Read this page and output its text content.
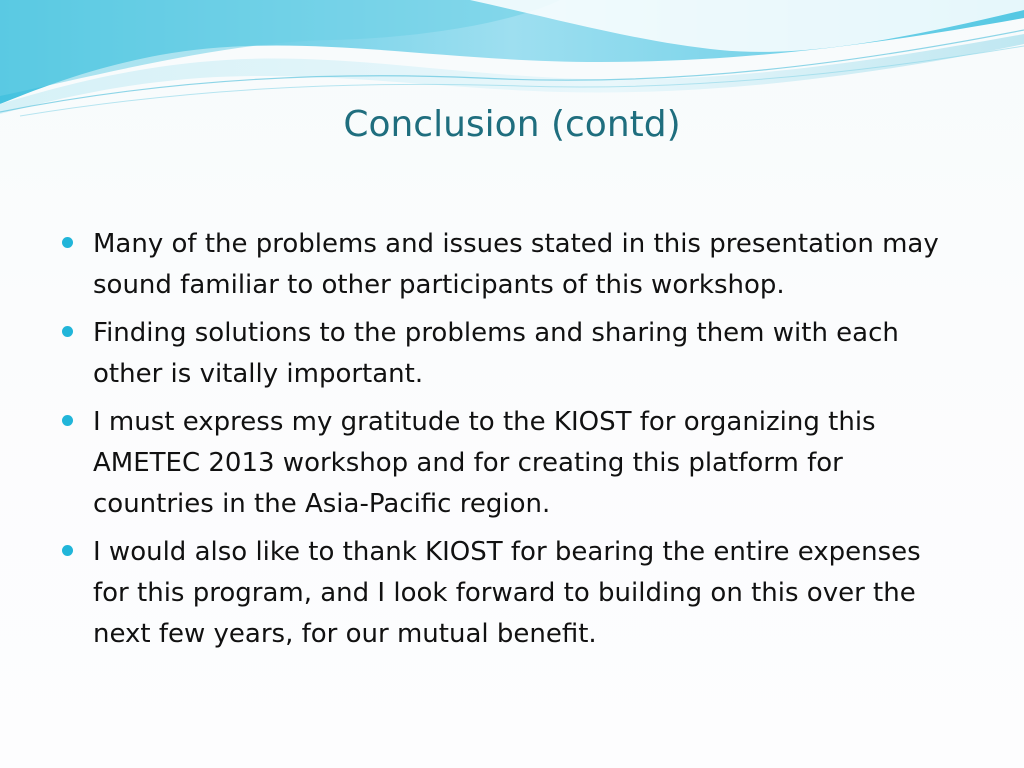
Conclusion (contd)
Many of the problems and issues stated in this presentation may sound familiar to other participants of this workshop.
Finding solutions to the problems and sharing them with each other is vitally important.
I must express my gratitude to the KIOST for organizing this AMETEC 2013 workshop and for creating this platform for countries in the Asia-Pacific region.
I would also like to thank KIOST for bearing the entire expenses for this program, and I look forward to building on this over the next few years, for our mutual benefit.
